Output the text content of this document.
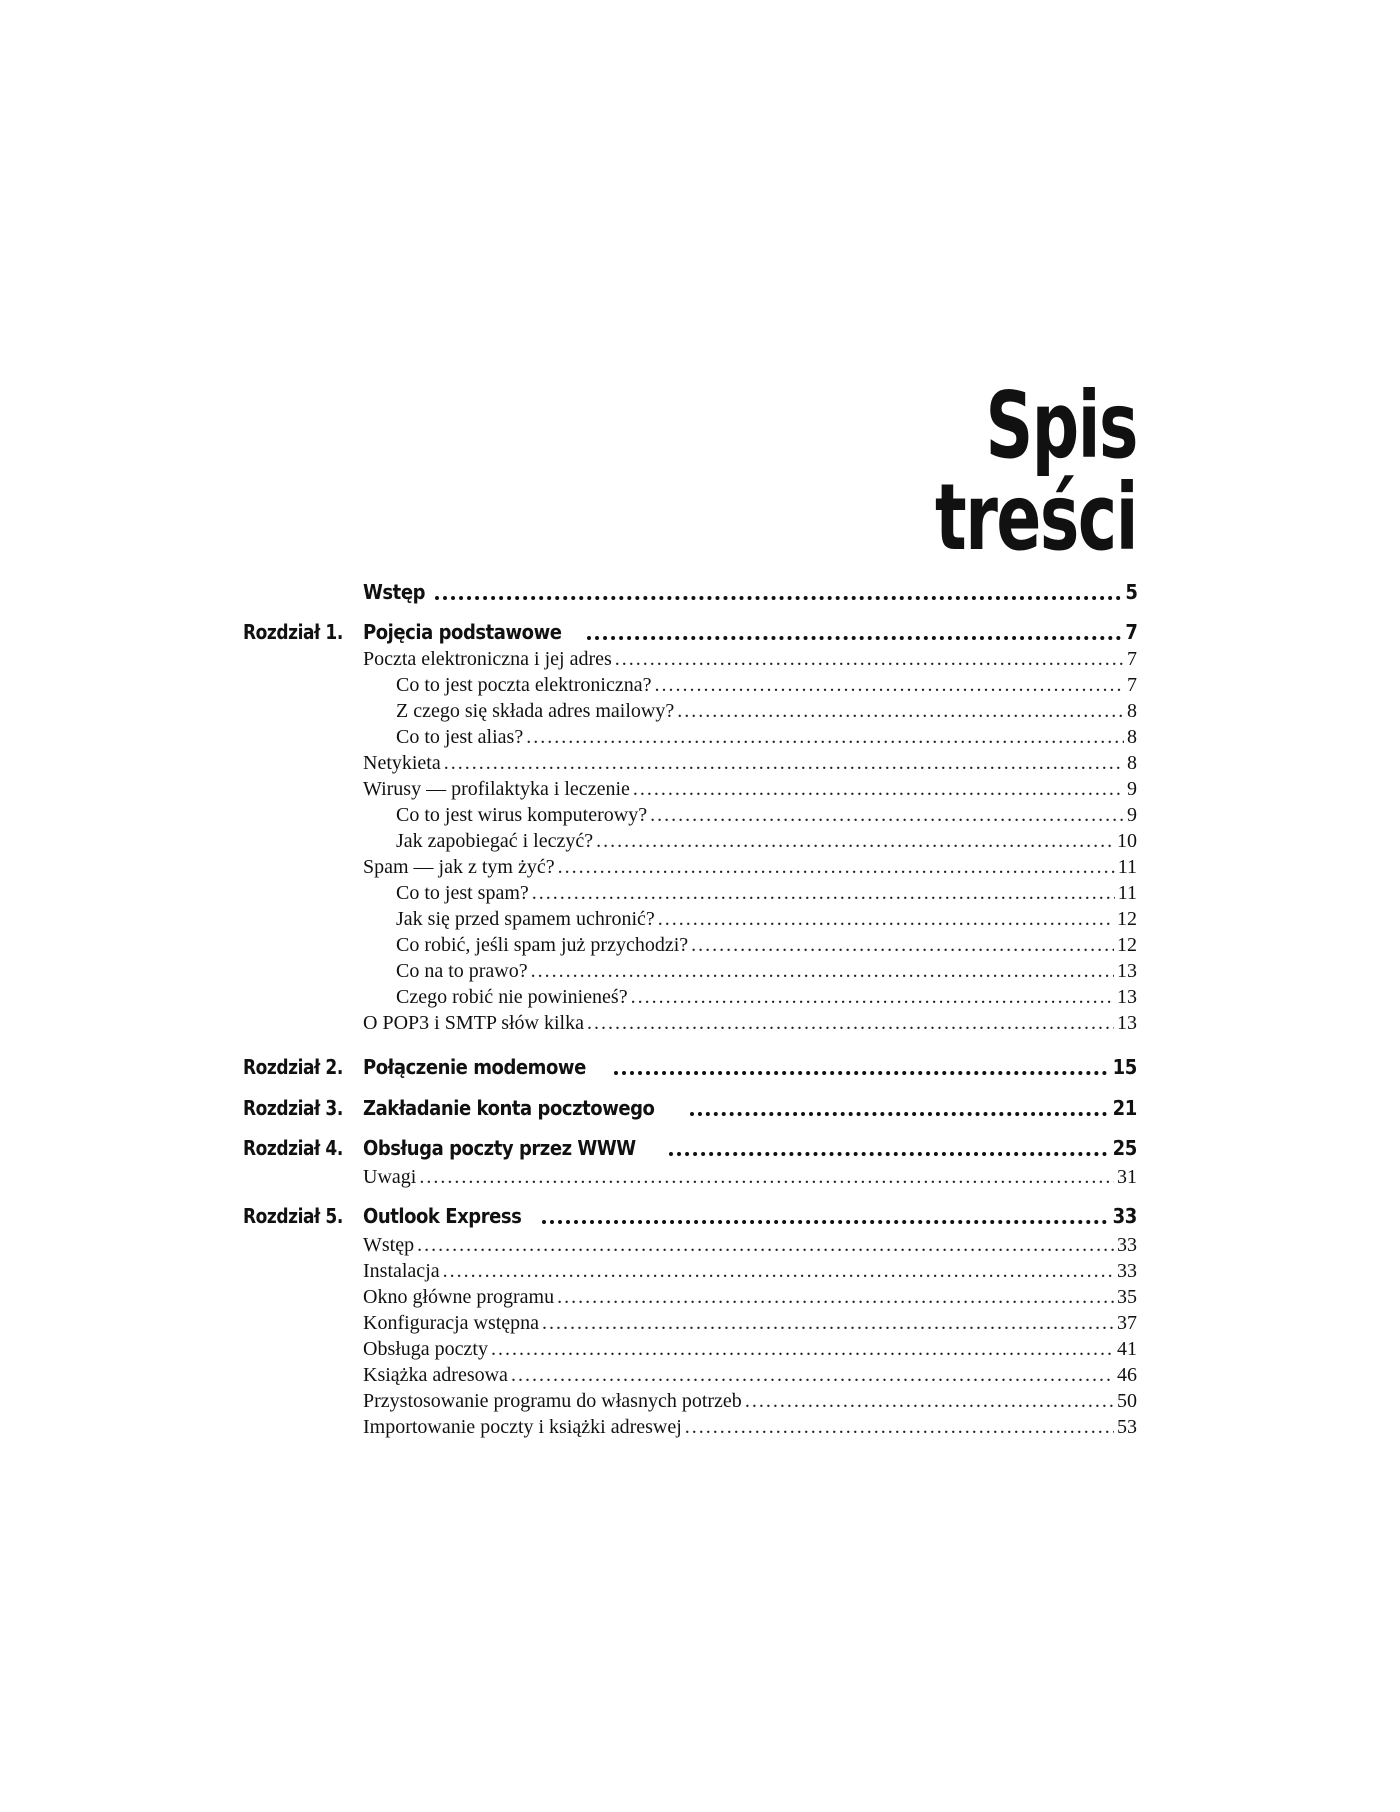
Spis treści
Wstęp	5
Rozdział 1. Pojęcia podstawowe	7
Poczta elektroniczna i jej adres .....	7
Co to jest poczta elektroniczna? .....	7
Z czego się składa adres mailowy? .....	8
Co to jest alias? .....	8
Netykieta .....	8
Wirusy –– profilaktyka i leczenie .....	9
Co to jest wirus komputerowy? .....	9
Jak zapobiegać i leczyć? .....	10
Spam — jak z tym żyć? .....	11
Co to jest spam? .....	11
Jak się przed spamem uchronić? .....	12
Co robić, jeśli spam już przychodzi? .....	12
Co na to prawo? .....	13
Czego robić nie powinieneś? .....	13
O POP3 i SMTP słów kilka .....	13
Rozdział 2. Połączenie modemowe	15
Rozdział 3. Zakładanie konta pocztowego	21
Rozdział 4. Obsługa poczty przez WWW	25
Uwagi .....	31
Rozdział 5. Outlook Express	33
Wstęp .....	33
Instalacja .....	33
Okno główne programu .....	35
Konfiguracja wstępna .....	37
Obsługa poczty .....	41
Książka adresowa .....	46
Przystosowanie programu do własnych potrzeb .....	50
Importowanie poczty i książki adreswej .....	53
